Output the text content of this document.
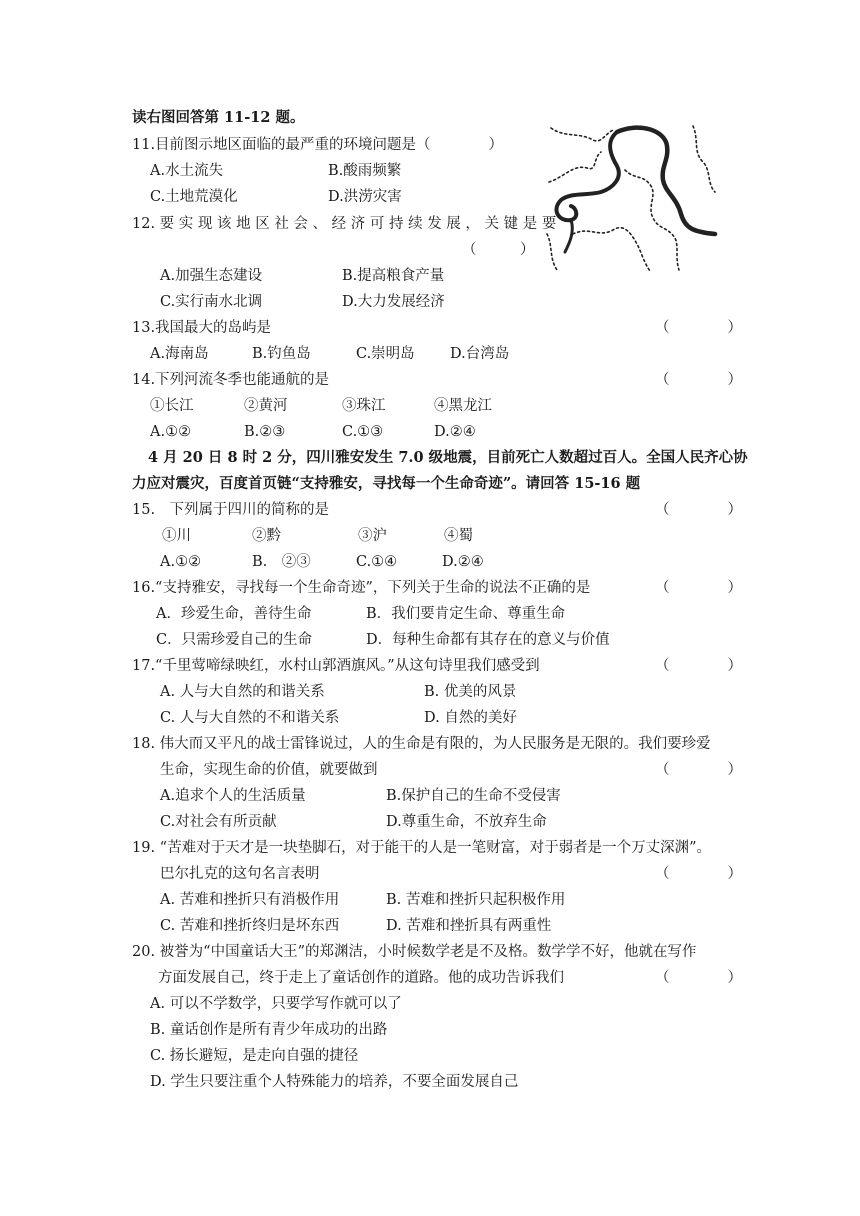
读右图回答第 11-12 题。
11.目前图示地区面临的最严重的环境问题是（　　　　）
A.水土流失	B.酸雨频繁
C.土地荒漠化	D.洪涝灾害
12. 要 实 现 该 地 区 社 会 、 经 济 可 持 续 发 展 ， 关 键 是 要
（　　　）
A.加强生态建设	B.提高粮食产量
C.实行南水北调	D.大力发展经济
13.我国最大的岛屿是	（　　　　）
A.海南岛	B.钓鱼岛	C.崇明岛 D.台湾岛
14.下列河流冬季也能通航的是	（　　　　）
①长江	②黄河	③珠江	④黑龙江
A.①②	B.②③	C.①③	D.②④
4 月 20 日 8 时 2 分，四川雅安发生 7.0 级地震，目前死亡人数超过百人。全国人民齐心协
力应对震灾，百度首页链“支持雅安，寻找每一个生命奇迹”。请回答 15-16 题
15.　下列属于四川的简称的是	（　　　　）
①川	②黔	③沪	④蜀
A.①②	B.　②③	C.①④	D.②④
16.“支持雅安，寻找每一个生命奇迹”，下列关于生命的说法不正确的是	（　　　　）
A．珍爱生命，善待生命	B．我们要肯定生命、尊重生命
C．只需珍爱自己的生命	D．每种生命都有其存在的意义与价值
17.“千里莺啼绿映红，水村山郭酒旗风。”从这句诗里我们感受到	（　　　　）
A. 人与大自然的和谐关系	B. 优美的风景
C. 人与大自然的不和谐关系	D. 自然的美好
18. 伟大而又平凡的战士雷锋说过，人的生命是有限的，为人民服务是无限的。我们要珍爱
生命，实现生命的价值，就要做到	（　　　　）
A.追求个人的生活质量	B.保护自己的生命不受侵害
C.对社会有所贡献	D.尊重生命，不放弃生命
19. “苦难对于天才是一块垫脚石，对于能干的人是一笔财富，对于弱者是一个万丈深渊”。
巴尔扎克的这句名言表明	（　　　　）
A. 苦难和挫折只有消极作用	B. 苦难和挫折只起积极作用
C. 苦难和挫折终归是坏东西	D. 苦难和挫折具有两重性
20. 被誉为“中国童话大王”的郑渊洁，小时候数学老是不及格。数学学不好，他就在写作
方面发展自己，终于走上了童话创作的道路。他的成功告诉我们	（　　　　）
A. 可以不学数学，只要学写作就可以了
B. 童话创作是所有青少年成功的出路
C. 扬长避短，是走向自强的捷径
D. 学生只要注重个人特殊能力的培养，不要全面发展自己
